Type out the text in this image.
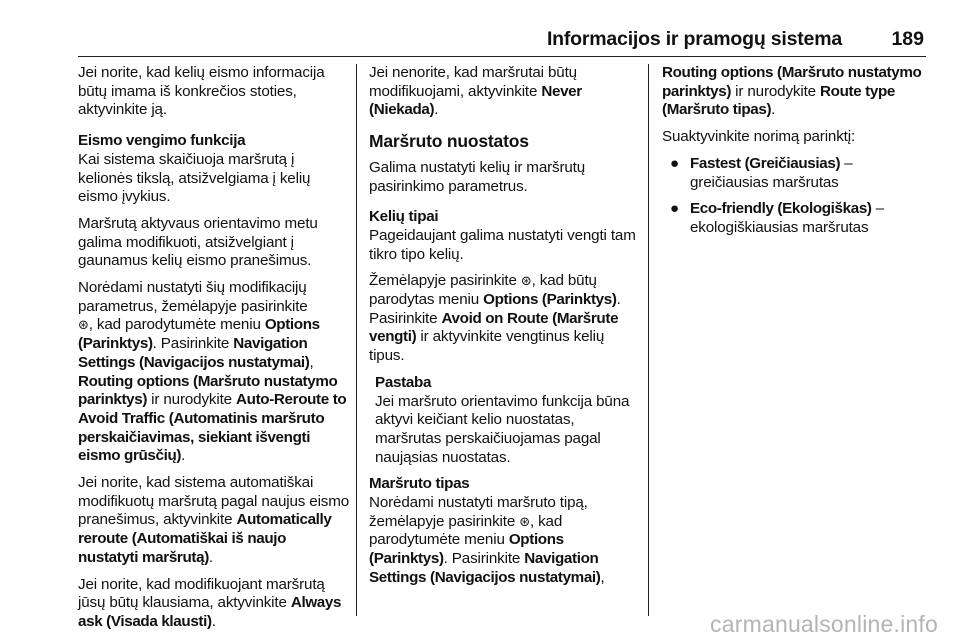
Informacijos ir pramogų sistema	189

Jei norite, kad kelių eismo informacija būtų imama iš konkrečios stoties, aktyvinkite ją.

Eismo vengimo funkcija

Kai sistema skaičiuoja maršrutą į kelionės tikslą, atsižvelgiama į kelių eismo įvykius.

Maršrutą aktyvaus orientavimo metu galima modifikuoti, atsižvelgiant į gaunamus kelių eismo pranešimus.

Norėdami nustatyti šių modifikacijų parametrus, žemėlapyje pasirinkite
⊛, kad parodytumėte meniu Options (Parinktys). Pasirinkite Navigation Settings (Navigacijos nustatymai), Routing options (Maršruto nustatymo parinktys) ir nurodykite Auto-Reroute to Avoid Traffic (Automatinis maršruto perskaičiavimas, siekiant išvengti eismo grūsčių).

Jei norite, kad sistema automatiškai modifikuotų maršrutą pagal naujus eismo pranešimus, aktyvinkite Automatically reroute (Automatiškai iš naujo nustatyti maršrutą).

Jei norite, kad modifikuojant maršrutą jūsų būtų klausiama, aktyvinkite Always ask (Visada klausti).

Jei nenorite, kad maršrutai būtų modifikuojami, aktyvinkite Never (Niekada).

Maršruto nuostatos

Galima nustatyti kelių ir maršrutų pasirinkimo parametrus.

Kelių tipai

Pageidaujant galima nustatyti vengti tam tikro tipo kelių.

Žemėlapyje pasirinkite ⊛, kad būtų parodytas meniu Options (Parinktys). Pasirinkite Avoid on Route (Maršrute vengti) ir aktyvinkite vengtinus kelių tipus.

Pastaba
Jei maršruto orientavimo funkcija būna aktyvi keičiant kelio nuostatas, maršrutas perskaičiuojamas pagal naująsias nuostatas.

Maršruto tipas

Norėdami nustatyti maršruto tipą, žemėlapyje pasirinkite ⊛, kad parodytumėte meniu Options (Parinktys). Pasirinkite Navigation Settings (Navigacijos nustatymai),

Routing options (Maršruto nustatymo parinktys) ir nurodykite Route type (Maršruto tipas).

Suaktyvinkite norimą parinktį:

● Fastest (Greičiausias) – greičiausias maršrutas
● Eco-friendly (Ekologiškas) – ekologiškiausias maršrutas
carmanualsonline.info
